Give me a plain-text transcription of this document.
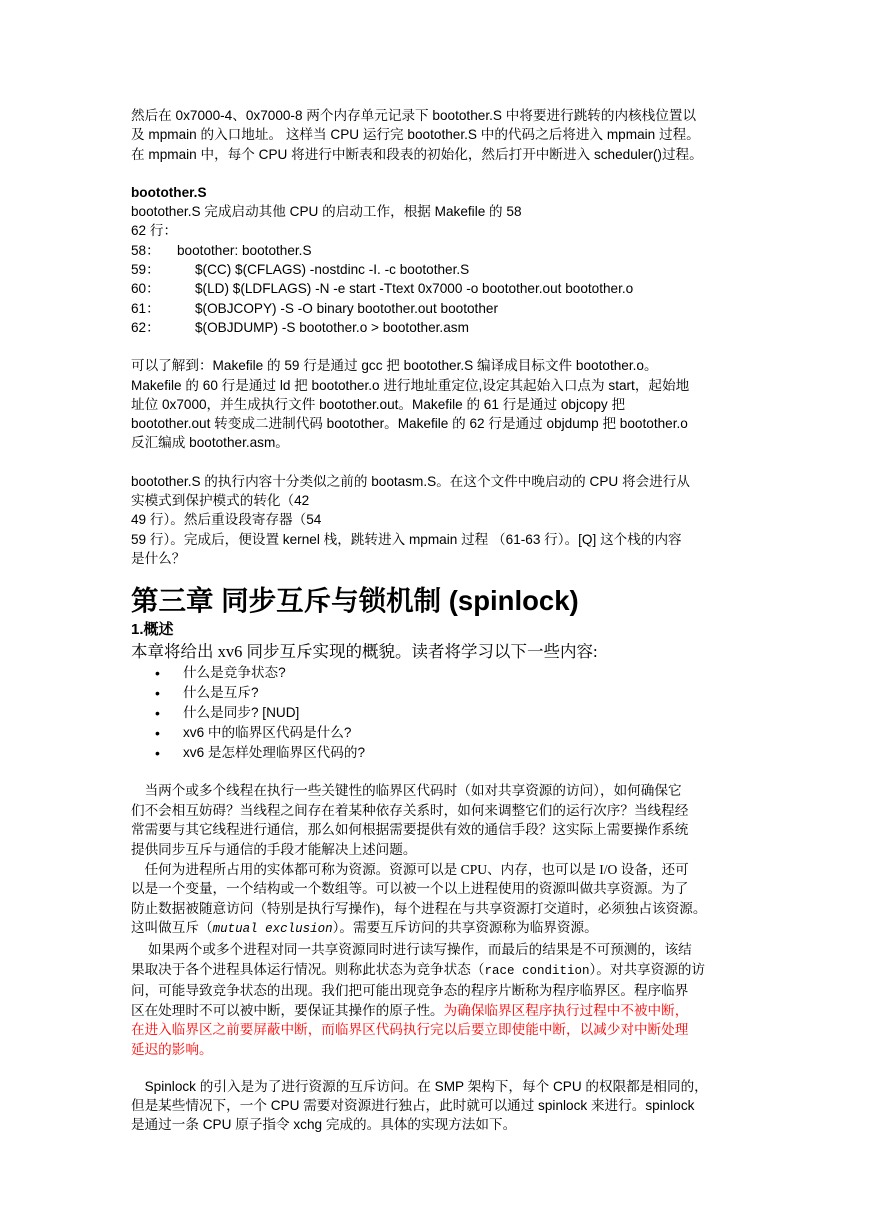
然后在 0x7000-4、0x7000-8 两个内存单元记录下 bootother.S 中将要进行跳转的内核栈位置以
及 mpmain 的入口地址。 这样当 CPU 运行完 bootother.S 中的代码之后将进入 mpmain 过程。
在 mpmain 中，每个 CPU 将进行中断表和段表的初始化，然后打开中断进入 scheduler()过程。
bootother.S
bootother.S 完成启动其他 CPU 的启动工作，根据 Makefile 的 58
62 行：
58：	bootother: bootother.S
59：	$(CC) $(CFLAGS) -nostdinc -I. -c bootother.S
60：	$(LD) $(LDFLAGS) -N -e start -Ttext 0x7000 -o bootother.out bootother.o
61：	$(OBJCOPY) -S -O binary bootother.out bootother
62：	$(OBJDUMP) -S bootother.o > bootother.asm
可以了解到：Makefile 的 59 行是通过 gcc 把 bootother.S 编译成目标文件 bootother.o。
Makefile 的 60 行是通过 ld 把 bootother.o 进行地址重定位,设定其起始入口点为 start，起始地
址位 0x7000，并生成执行文件 bootother.out。Makefile 的 61 行是通过 objcopy 把
bootother.out 转变成二进制代码 bootother。Makefile 的 62 行是通过 objdump 把 bootother.o
反汇编成 bootother.asm。
bootother.S 的执行内容十分类似之前的 bootasm.S。在这个文件中晚启动的 CPU 将会进行从
实模式到保护模式的转化（42
49 行）。然后重设段寄存器（54
59 行）。完成后，便设置 kernel 栈，跳转进入 mpmain 过程 （61-63 行）。[Q] 这个栈的内容
是什么？
第三章 同步互斥与锁机制 (spinlock)
1.概述
本章将给出 xv6 同步互斥实现的概貌。读者将学习以下一些内容:
• 什么是竞争状态?
• 什么是互斥?
• 什么是同步? [NUD]
• xv6 中的临界区代码是什么?
• xv6 是怎样处理临界区代码的?
　当两个或多个线程在执行一些关键性的临界区代码时（如对共享资源的访问），如何确保它
们不会相互妨碍？当线程之间存在着某种依存关系时，如何来调整它们的运行次序？当线程经
常需要与其它线程进行通信，那么如何根据需要提供有效的通信手段？这实际上需要操作系统
提供同步互斥与通信的手段才能解决上述问题。
　任何为进程所占用的实体都可称为资源。资源可以是 CPU、内存，也可以是 I/O 设备，还可
以是一个变量，一个结构或一个数组等。可以被一个以上进程使用的资源叫做共享资源。为了
防止数据被随意访问（特别是执行写操作)，每个进程在与共享资源打交道时，必须独占该资源。
这叫做互斥（mutual exclusion）。需要互斥访问的共享资源称为临界资源。
　 如果两个或多个进程对同一共享资源同时进行读写操作，而最后的结果是不可预测的，该结
果取决于各个进程具体运行情况。则称此状态为竞争状态（race condition）。对共享资源的访
问，可能导致竞争状态的出现。我们把可能出现竞争态的程序片断称为程序临界区。程序临界
区在处理时不可以被中断，要保证其操作的原子性。为确保临界区程序执行过程中不被中断，
在进入临界区之前要屏蔽中断，而临界区代码执行完以后要立即使能中断，以减少对中断处理
延迟的影响。
　Spinlock 的引入是为了进行资源的互斥访问。在 SMP 架构下，每个 CPU 的权限都是相同的，
但是某些情况下，一个 CPU 需要对资源进行独占，此时就可以通过 spinlock 来进行。spinlock
是通过一条 CPU 原子指令 xchg 完成的。具体的实现方法如下。
